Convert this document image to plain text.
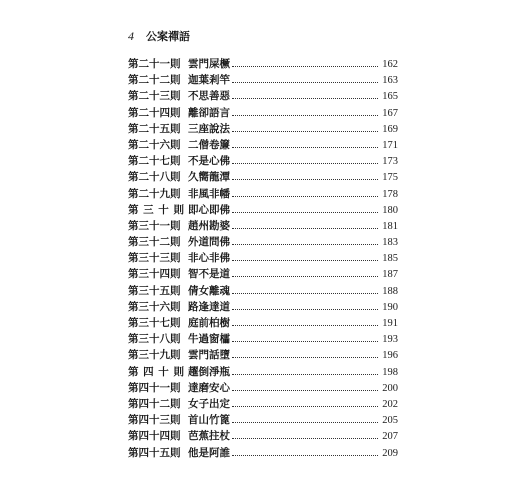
4 公案禪語
第二十一則 雲門屎橛	162
第二十二則 迦葉剎竿	163
第二十三則 不思善惡	165
第二十四則 離卻語言	167
第二十五則 三座說法	169
第二十六則 二僧卷簾	171
第二十七則 不是心佛	173
第二十八則 久嚮龍潭	175
第二十九則 非風非幡	178
第 三 十 則 即心即佛	180
第三十一則 趙州勘婆	181
第三十二則 外道問佛	183
第三十三則 非心非佛	185
第三十四則 智不是道	187
第三十五則 倩女離魂	188
第三十六則 路逢達道	190
第三十七則 庭前柏樹	191
第三十八則 牛過窗櫺	193
第三十九則 雲門話墮	196
第 四 十 則 趯倒淨瓶	198
第四十一則 達磨安心	200
第四十二則 女子出定	202
第四十三則 首山竹篦	205
第四十四則 芭蕉拄杖	207
第四十五則 他是阿誰	209
